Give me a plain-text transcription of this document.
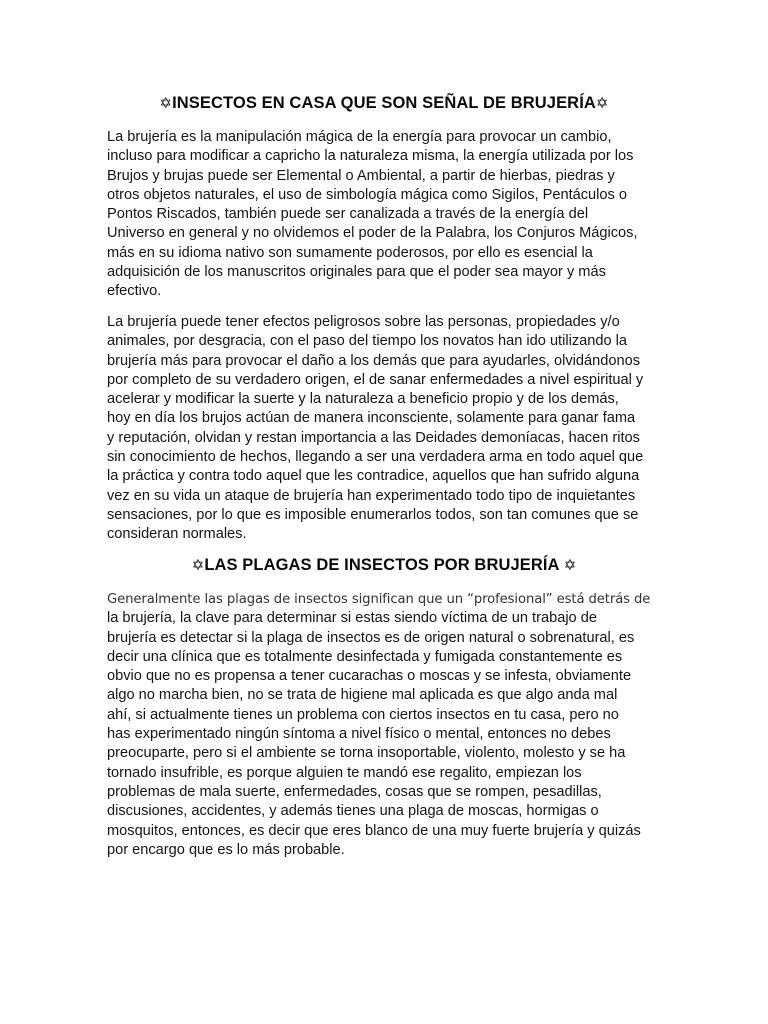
✡INSECTOS EN CASA QUE SON SEÑAL DE BRUJERÍA✡
La brujería es la manipulación mágica de la energía para provocar un cambio,
incluso para modificar a capricho la naturaleza misma, la energía utilizada por los
Brujos y brujas puede ser Elemental o Ambiental, a partir de hierbas, piedras y
otros objetos naturales, el uso de simbología mágica como Sigilos, Pentáculos o
Pontos Riscados, también puede ser canalizada a través de la energía del
Universo en general y no olvidemos el poder de la Palabra, los Conjuros Mágicos,
más en su idioma nativo son sumamente poderosos, por ello es esencial la
adquisición de los manuscritos originales para que el poder sea mayor y más
efectivo.
La brujería puede tener efectos peligrosos sobre las personas, propiedades y/o
animales, por desgracia, con el paso del tiempo los novatos han ido utilizando la
brujería más para provocar el daño a los demás que para ayudarles, olvidándonos
por completo de su verdadero origen, el de sanar enfermedades a nivel espiritual y
acelerar y modificar la suerte y la naturaleza a beneficio propio y de los demás,
hoy en día los brujos actúan de manera inconsciente, solamente para ganar fama
y reputación, olvidan y restan importancia a las Deidades demoníacas, hacen ritos
sin conocimiento de hechos, llegando a ser una verdadera arma en todo aquel que
la práctica y contra todo aquel que les contradice, aquellos que han sufrido alguna
vez en su vida un ataque de brujería han experimentado todo tipo de inquietantes
sensaciones, por lo que es imposible enumerarlos todos, son tan comunes que se
consideran normales.
✡LAS PLAGAS DE INSECTOS POR BRUJERÍA ✡
Generalmente las plagas de insectos significan que un “profesional” está detrás de
la brujería, la clave para determinar si estas siendo víctima de un trabajo de
brujería es detectar si la plaga de insectos es de origen natural o sobrenatural, es
decir una clínica que es totalmente desinfectada y fumigada constantemente es
obvio que no es propensa a tener cucarachas o moscas y se infesta, obviamente
algo no marcha bien, no se trata de higiene mal aplicada es que algo anda mal
ahí, si actualmente tienes un problema con ciertos insectos en tu casa, pero no
has experimentado ningún síntoma a nivel físico o mental, entonces no debes
preocuparte, pero si el ambiente se torna insoportable, violento, molesto y se ha
tornado insufrible, es porque alguien te mandó ese regalito, empiezan los
problemas de mala suerte, enfermedades, cosas que se rompen, pesadillas,
discusiones, accidentes, y además tienes una plaga de moscas, hormigas o
mosquitos, entonces, es decir que eres blanco de una muy fuerte brujería y quizás
por encargo que es lo más probable.
